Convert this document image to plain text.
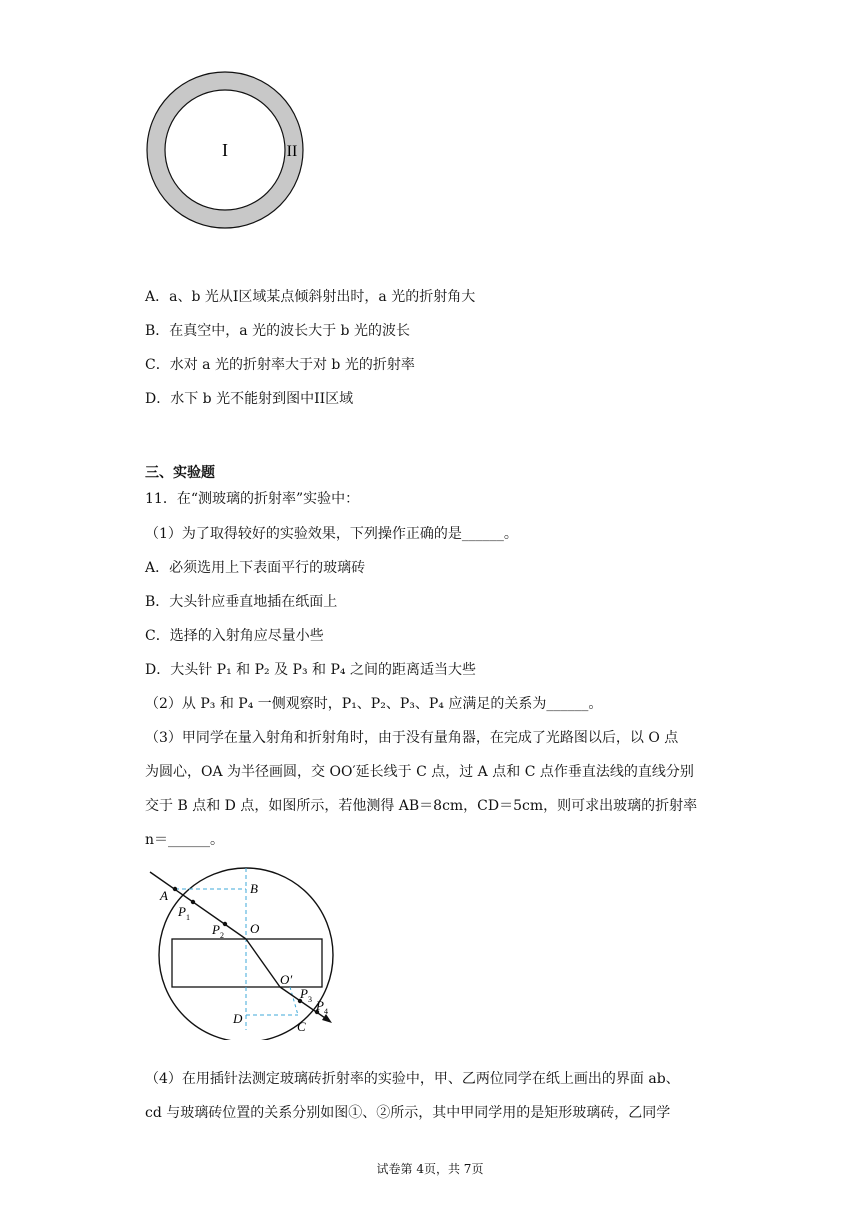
I	II
A．a、b 光从I区域某点倾斜射出时，a 光的折射角大
B．在真空中，a 光的波长大于 b 光的波长
C．水对 a 光的折射率大于对 b 光的折射率
D．水下 b 光不能射到图中II区域
三、实验题
11．在“测玻璃的折射率”实验中：
（1）为了取得较好的实验效果，下列操作正确的是______。
A．必须选用上下表面平行的玻璃砖
B．大头针应垂直地插在纸面上
C．选择的入射角应尽量小些
D．大头针 P₁ 和 P₂ 及 P₃ 和 P₄ 之间的距离适当大些
（2）从 P₃ 和 P₄ 一侧观察时，P₁、P₂、P₃、P₄ 应满足的关系为______。
（3）甲同学在量入射角和折射角时，由于没有量角器，在完成了光路图以后，以 O 点
为圆心，OA 为半径画圆，交 OO′延长线于 C 点，过 A 点和 C 点作垂直法线的直线分别
交于 B 点和 D 点，如图所示，若他测得 AB＝8cm，CD＝5cm，则可求出玻璃的折射率
n＝______。
A	B
O
O′
C
D
$P_1$
$P_2$
$P_3$ $P_4$
（4）在用插针法测定玻璃砖折射率的实验中，甲、乙两位同学在纸上画出的界面 ab、
cd 与玻璃砖位置的关系分别如图①、②所示，其中甲同学用的是矩形玻璃砖，乙同学
试卷第 4页，共 7页
